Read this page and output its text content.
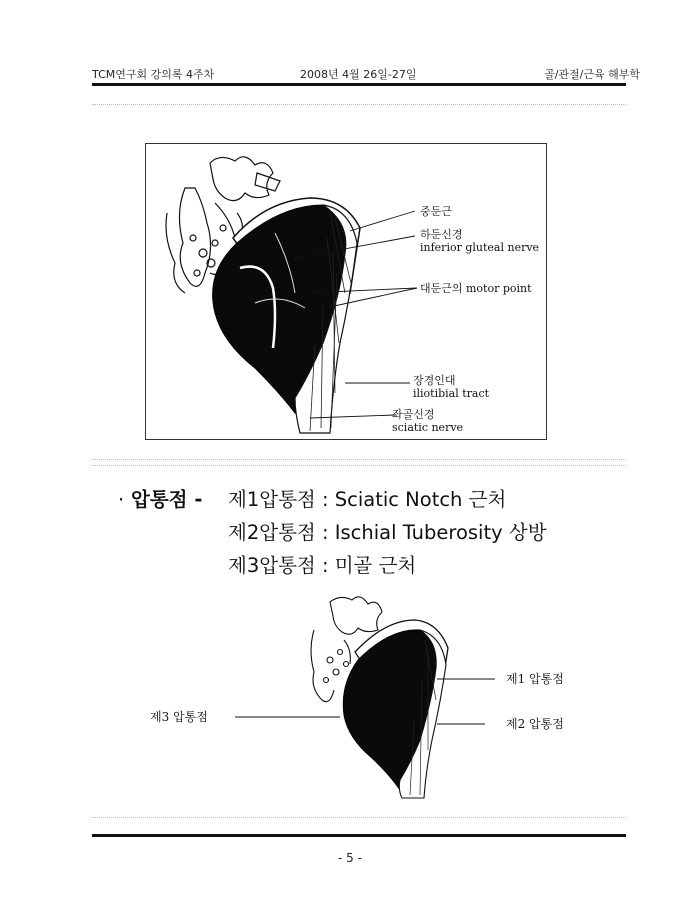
TCM연구회 강의록 4주차	2008년 4월 26일-27일	골/관절/근육 해부학
중둔근
하둔신경
inferior gluteal nerve
대둔근의 motor point
장경인대
iliotibial tract
좌골신경
sciatic nerve
· 압통점 - 제1압통점 : Sciatic Notch 근처
제2압통점 : Ischial Tuberosity 상방
제3압통점 : 미골 근처
제1 압통점
제2 압통점
제3 압통점
- 5 -
